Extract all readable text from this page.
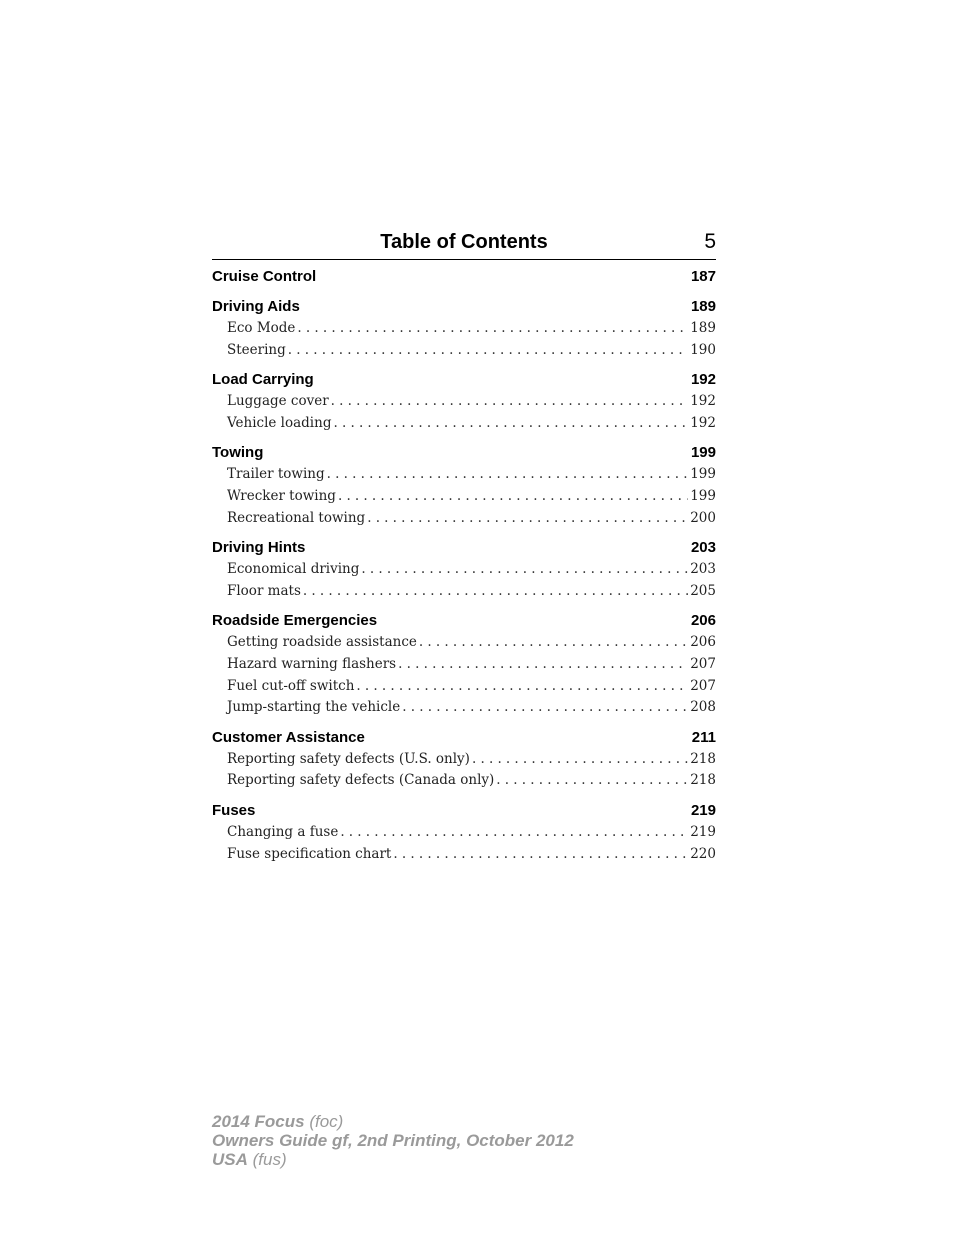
Table of Contents	5
Cruise Control	187
Driving Aids	189
Eco Mode .....	189
Steering .....	190
Load Carrying	192
Luggage cover .....	192
Vehicle loading .....	192
Towing	199
Trailer towing .....	199
Wrecker towing .....	199
Recreational towing .....	200
Driving Hints	203
Economical driving .....	203
Floor mats .....	205
Roadside Emergencies	206
Getting roadside assistance .....	206
Hazard warning flashers .....	207
Fuel cut-off switch .....	207
Jump-starting the vehicle .....	208
Customer Assistance	211
Reporting safety defects (U.S. only) .....	218
Reporting safety defects (Canada only) .....	218
Fuses	219
Changing a fuse .....	219
Fuse specification chart .....	220
2014 Focus (foc)
Owners Guide gf, 2nd Printing, October 2012
USA (fus)
